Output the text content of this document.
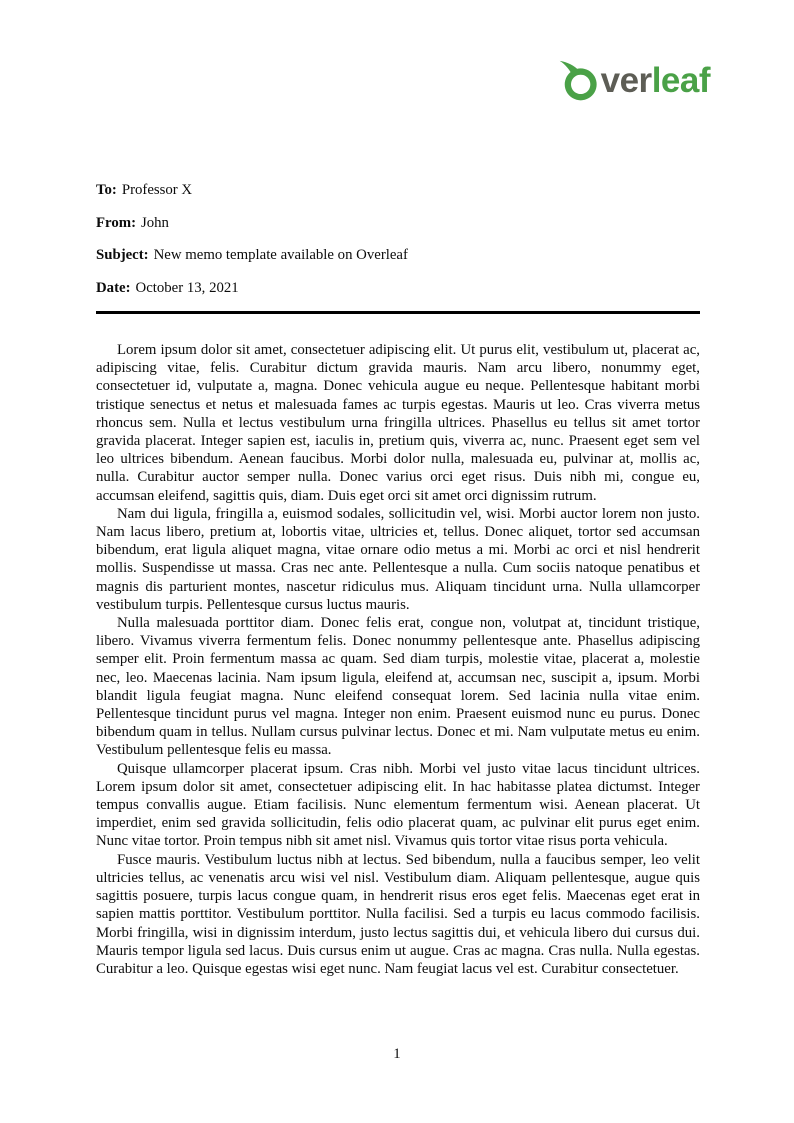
ver leaf

To: Professor X

From: John

Subject: New memo template available on Overleaf

Date: October 13, 2021

Lorem ipsum dolor sit amet, consectetuer adipiscing elit. Ut purus elit, vestibulum ut, placerat ac, adipiscing vitae, felis. Curabitur dictum gravida mauris. Nam arcu libero, nonummy eget, consectetuer id, vulputate a, magna. Donec vehicula augue eu neque. Pellentesque habitant morbi tristique senectus et netus et malesuada fames ac turpis egestas. Mauris ut leo. Cras viverra metus rhoncus sem. Nulla et lectus vestibulum urna fringilla ultrices. Phasellus eu tellus sit amet tortor gravida placerat. Integer sapien est, iaculis in, pretium quis, viverra ac, nunc. Praesent eget sem vel leo ultrices bibendum. Aenean faucibus. Morbi dolor nulla, malesuada eu, pulvinar at, mollis ac, nulla. Curabitur auctor semper nulla. Donec varius orci eget risus. Duis nibh mi, congue eu, accumsan eleifend, sagittis quis, diam. Duis eget orci sit amet orci dignissim rutrum.

Nam dui ligula, fringilla a, euismod sodales, sollicitudin vel, wisi. Morbi auctor lorem non justo. Nam lacus libero, pretium at, lobortis vitae, ultricies et, tellus. Donec aliquet, tortor sed accumsan bibendum, erat ligula aliquet magna, vitae ornare odio metus a mi. Morbi ac orci et nisl hendrerit mollis. Suspendisse ut massa. Cras nec ante. Pellentesque a nulla. Cum sociis natoque penatibus et magnis dis parturient montes, nascetur ridiculus mus. Aliquam tincidunt urna. Nulla ullamcorper vestibulum turpis. Pellentesque cursus luctus mauris.

Nulla malesuada porttitor diam. Donec felis erat, congue non, volutpat at, tincidunt tristique, libero. Vivamus viverra fermentum felis. Donec nonummy pellentesque ante. Phasellus adipiscing semper elit. Proin fermentum massa ac quam. Sed diam turpis, molestie vitae, placerat a, molestie nec, leo. Maecenas lacinia. Nam ipsum ligula, eleifend at, accumsan nec, suscipit a, ipsum. Morbi blandit ligula feugiat magna. Nunc eleifend consequat lorem. Sed lacinia nulla vitae enim. Pellentesque tincidunt purus vel magna. Integer non enim. Praesent euismod nunc eu purus. Donec bibendum quam in tellus. Nullam cursus pulvinar lectus. Donec et mi. Nam vulputate metus eu enim. Vestibulum pellentesque felis eu massa.

Quisque ullamcorper placerat ipsum. Cras nibh. Morbi vel justo vitae lacus tincidunt ultrices. Lorem ipsum dolor sit amet, consectetuer adipiscing elit. In hac habitasse platea dictumst. Integer tempus convallis augue. Etiam facilisis. Nunc elementum fermentum wisi. Aenean placerat. Ut imperdiet, enim sed gravida sollicitudin, felis odio placerat quam, ac pulvinar elit purus eget enim. Nunc vitae tortor. Proin tempus nibh sit amet nisl. Vivamus quis tortor vitae risus porta vehicula.

Fusce mauris. Vestibulum luctus nibh at lectus. Sed bibendum, nulla a faucibus semper, leo velit ultricies tellus, ac venenatis arcu wisi vel nisl. Vestibulum diam. Aliquam pellentesque, augue quis sagittis posuere, turpis lacus congue quam, in hendrerit risus eros eget felis. Maecenas eget erat in sapien mattis porttitor. Vestibulum porttitor. Nulla facilisi. Sed a turpis eu lacus commodo facilisis. Morbi fringilla, wisi in dignissim interdum, justo lectus sagittis dui, et vehicula libero dui cursus dui. Mauris tempor ligula sed lacus. Duis cursus enim ut augue. Cras ac magna. Cras nulla. Nulla egestas. Curabitur a leo. Quisque egestas wisi eget nunc. Nam feugiat lacus vel est. Curabitur consectetuer.

1
